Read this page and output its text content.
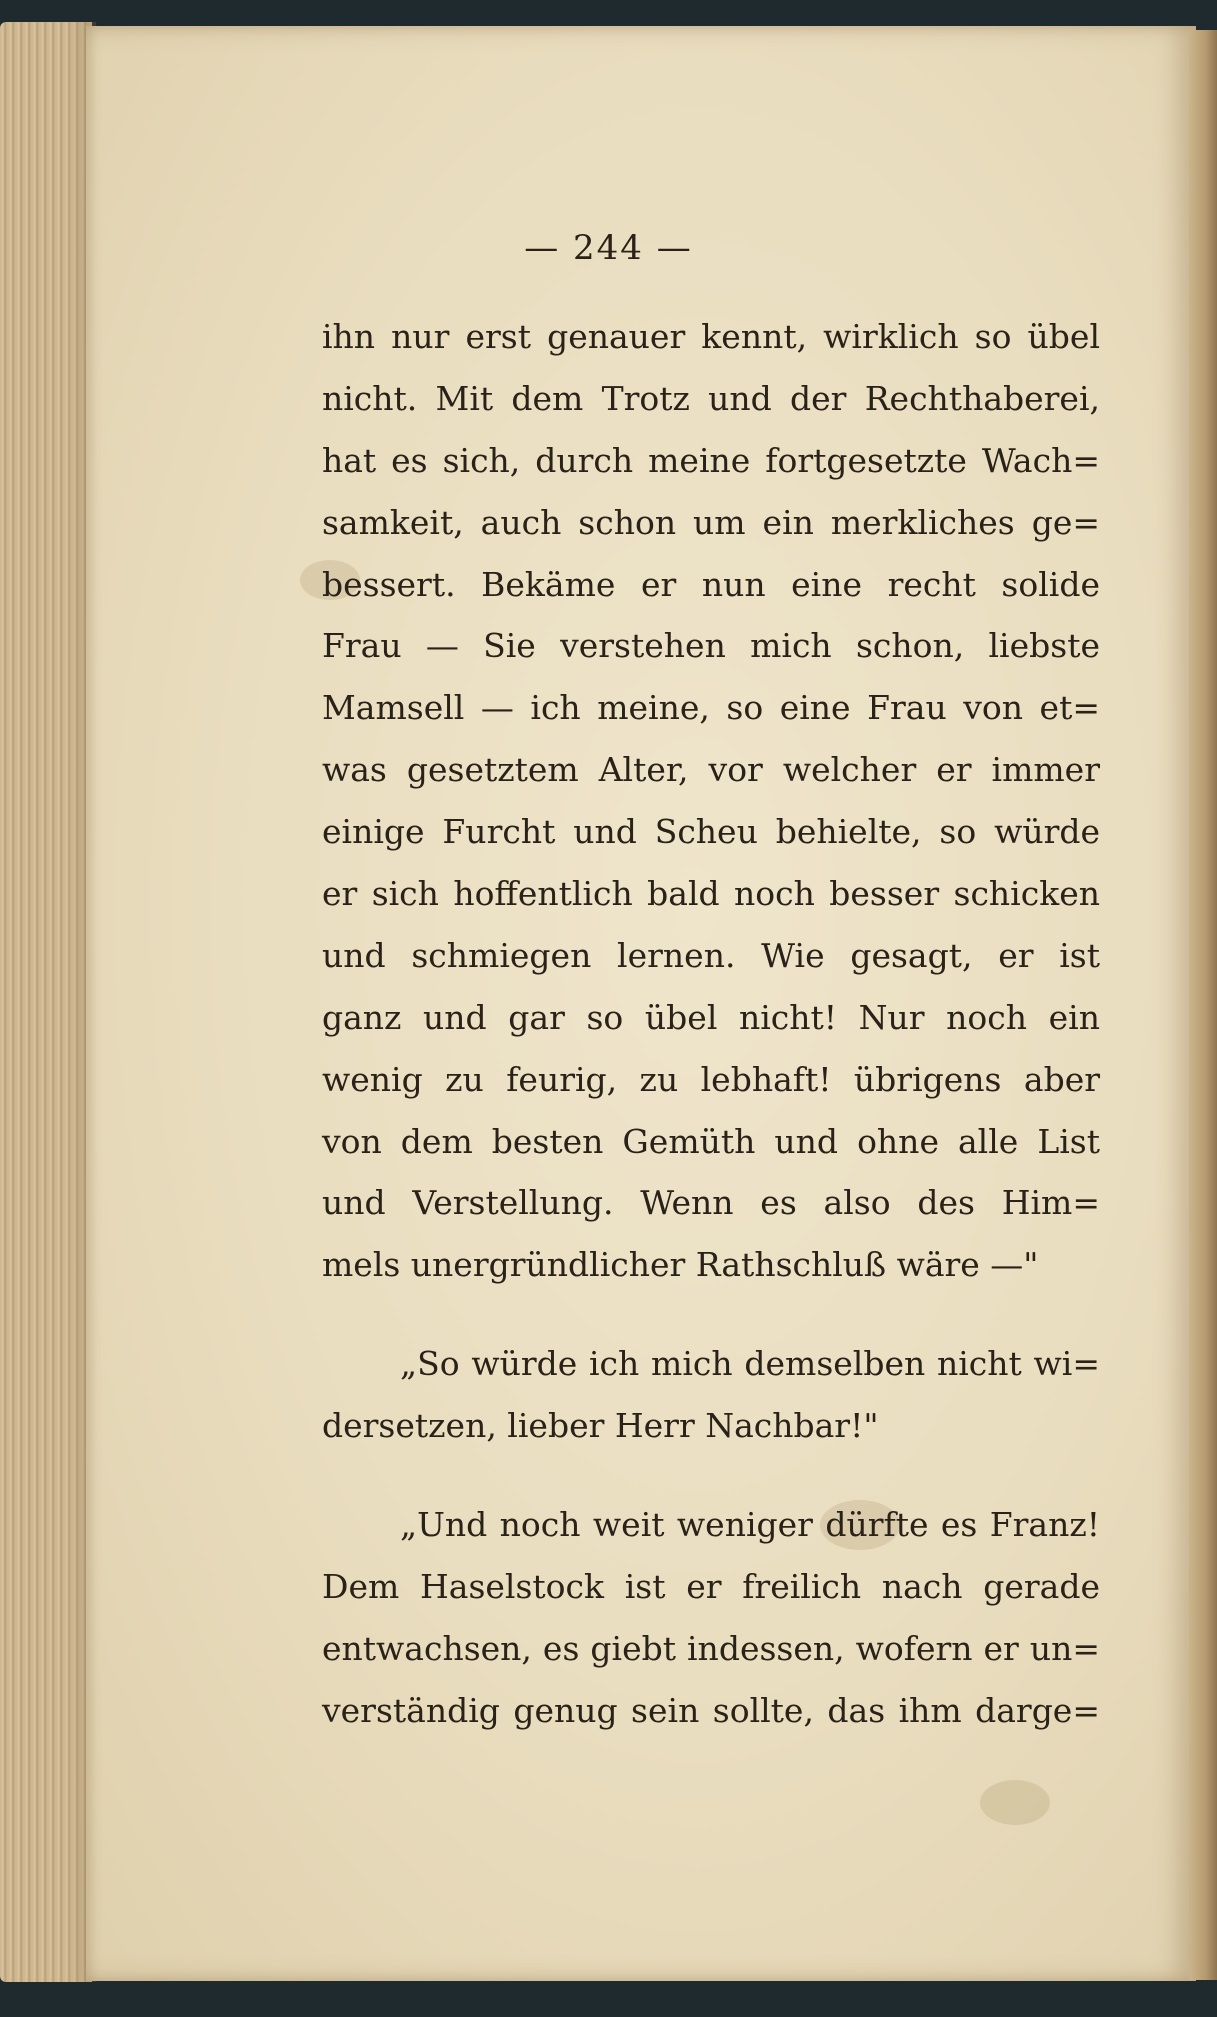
— 244 —
ihn nur erst genauer kennt, wirklich so übel
nicht. Mit dem Trotz und der Rechthaberei,
hat es sich, durch meine fortgesetzte Wach=
samkeit, auch schon um ein merkliches ge=
bessert. Bekäme er nun eine recht solide
Frau — Sie verstehen mich schon, liebste
Mamsell — ich meine, so eine Frau von et=
was gesetztem Alter, vor welcher er immer
einige Furcht und Scheu behielte, so würde
er sich hoffentlich bald noch besser schicken
und schmiegen lernen. Wie gesagt, er ist
ganz und gar so übel nicht! Nur noch ein
wenig zu feurig, zu lebhaft! übrigens aber
von dem besten Gemüth und ohne alle List
und Verstellung. Wenn es also des Him=
mels unergründlicher Rathschluß wäre —"
„So würde ich mich demselben nicht wi=
dersetzen, lieber Herr Nachbar!"
„Und noch weit weniger dürfte es Franz!
Dem Haselstock ist er freilich nach gerade
entwachsen, es giebt indessen, wofern er un=
verständig genug sein sollte, das ihm darge=
